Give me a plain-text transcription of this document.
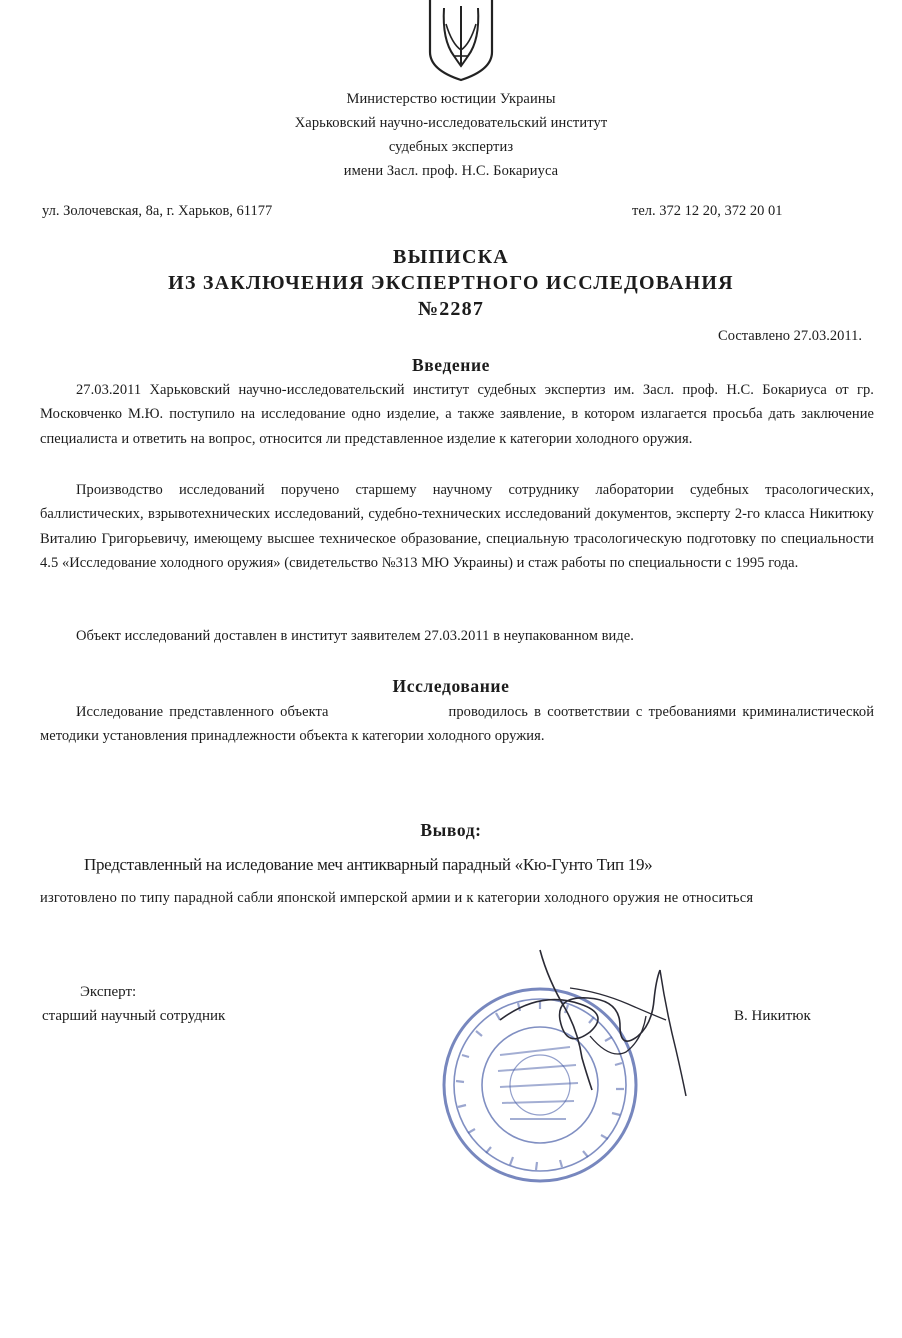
Министерство юстиции Украины
Харьковский научно-исследовательский институт
судебных экспертиз
имени Засл. проф. Н.С. Бокариуса
ул. Золочевская, 8а, г. Харьков, 61177	тел. 372 12 20, 372 20 01
ВЫПИСКА
ИЗ ЗАКЛЮЧЕНИЯ ЭКСПЕРТНОГО ИССЛЕДОВАНИЯ
№2287
Составлено 27.03.2011.
Введение
27.03.2011 Харьковский научно-исследовательский институт судебных экспертиз им. Засл. проф. Н.С. Бокариуса от гр. Московченко М.Ю. поступило на исследование одно изделие, а также заявление, в котором излагается просьба дать заключение специалиста и ответить на вопрос, относится ли представленное изделие к категории холодного оружия.
Производство исследований поручено старшему научному сотруднику лаборатории судебных трасологических, баллистических, взрывотехнических исследований, судебно-технических исследований документов, эксперту 2-го класса Никитюку Виталию Григорьевичу, имеющему высшее техническое образование, специальную трасологическую подготовку по специальности 4.5 «Исследование холодного оружия» (свидетельство №313 МЮ Украины) и стаж работы по специальности с 1995 года.
Объект исследований доставлен в институт заявителем 27.03.2011 в неупакованном виде.
Исследование
Исследование представленного объекта	проводилось в соответствии с требованиями криминалистической методики установления принадлежности объекта к категории холодного оружия.
Вывод:
Представленный на иследование меч антикварный парадный «Кю-Гунто Тип 19»
изготовлено по типу парадной сабли японской имперской армии и к категории холодного оружия не относиться
Эксперт:
старший научный сотрудник	В. Никитюк
